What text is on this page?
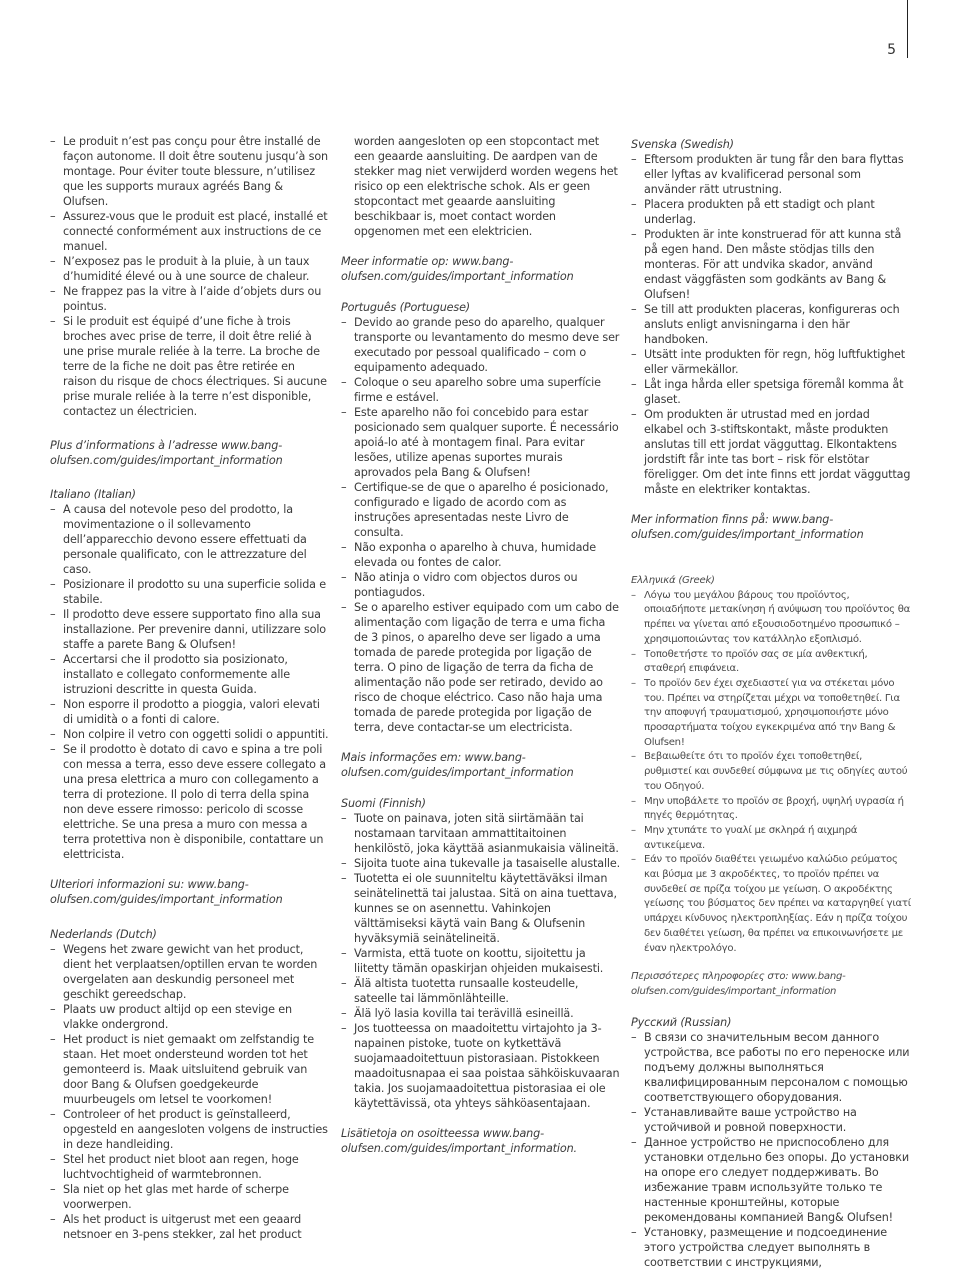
5
– Le produit n’est pas conçu pour être installé de façon autonome. Il doit être soutenu jusqu’à son montage. Pour éviter toute blessure, n’utilisez que les supports muraux agréés Bang & Olufsen.
– Assurez-vous que le produit est placé, installé et connecté conformément aux instructions de ce manuel.
– N’exposez pas le produit à la pluie, à un taux d’humidité élevé ou à une source de chaleur.
– Ne frappez pas la vitre à l’aide d’objets durs ou pointus.
– Si le produit est équipé d’une fiche à trois broches avec prise de terre, il doit être relié à une prise murale reliée à la terre. La broche de terre de la fiche ne doit pas être retirée en raison du risque de chocs électriques. Si aucune prise murale reliée à la terre n’est disponible, contactez un électricien.

Plus d’informations à l’adresse www.bang-olufsen.com/guides/important_information

Italiano (Italian)

– A causa del notevole peso del prodotto, la movimentazione o il sollevamento dell’apparecchio devono essere effettuati da personale qualificato, con le attrezzature del caso.
– Posizionare il prodotto su una superficie solida e stabile.
– Il prodotto deve essere supportato fino alla sua installazione. Per prevenire danni, utilizzare solo staffe a parete Bang & Olufsen!
– Accertarsi che il prodotto sia posizionato, installato e collegato conformemente alle istruzioni descritte in questa Guida.
– Non esporre il prodotto a pioggia, valori elevati di umidità o a fonti di calore.
– Non colpire il vetro con oggetti solidi o appuntiti.
– Se il prodotto è dotato di cavo e spina a tre poli con messa a terra, esso deve essere collegato a una presa elettrica a muro con collegamento a terra di protezione. Il polo di terra della spina non deve essere rimosso: pericolo di scosse elettriche. Se una presa a muro con messa a terra protettiva non è disponibile, contattare un elettricista.

Ulteriori informazioni su: www.bang-olufsen.com/guides/important_information

Nederlands (Dutch)

– Wegens het zware gewicht van het product, dient het verplaatsen/optillen ervan te worden overgelaten aan deskundig personeel met geschikt gereedschap.
– Plaats uw product altijd op een stevige en vlakke ondergrond.
– Het product is niet gemaakt om zelfstandig te staan. Het moet ondersteund worden tot het gemonteerd is. Maak uitsluitend gebruik van door Bang & Olufsen goedgekeurde muurbeugels om letsel te voorkomen!
– Controleer of het product is geïnstalleerd, opgesteld en aangesloten volgens de instructies in deze handleiding.
– Stel het product niet bloot aan regen, hoge luchtvochtigheid of warmtebronnen.
– Sla niet op het glas met harde of scherpe voorwerpen.
– Als het product is uitgerust met een geaard netsnoer en 3-pens stekker, zal het product
worden aangesloten op een stopcontact met een geaarde aansluiting. De aardpen van de stekker mag niet verwijderd worden wegens het risico op een elektrische schok. Als er geen stopcontact met geaarde aansluiting beschikbaar is, moet contact worden opgenomen met een elektricien.

Meer informatie op: www.bang-olufsen.com/guides/important_information

Português (Portuguese)

– Devido ao grande peso do aparelho, qualquer transporte ou levantamento do mesmo deve ser executado por pessoal qualificado – com o equipamento adequado.
– Coloque o seu aparelho sobre uma superfície firme e estável.
– Este aparelho não foi concebido para estar posicionado sem qualquer suporte. É necessário apoiá-lo até à montagem final. Para evitar lesões, utilize apenas suportes murais aprovados pela Bang & Olufsen!
– Certifique-se de que o aparelho é posicionado, configurado e ligado de acordo com as instruções apresentadas neste Livro de consulta.
– Não exponha o aparelho à chuva, humidade elevada ou fontes de calor.
– Não atinja o vidro com objectos duros ou pontiagudos.
– Se o aparelho estiver equipado com um cabo de alimentação com ligação de terra e uma ficha de 3 pinos, o aparelho deve ser ligado a uma tomada de parede protegida por ligação de terra. O pino de ligação de terra da ficha de alimentação não pode ser retirado, devido ao risco de choque eléctrico. Caso não haja uma tomada de parede protegida por ligação de terra, deve contactar-se um electricista.

Mais informações em: www.bang-olufsen.com/guides/important_information

Suomi (Finnish)

– Tuote on painava, joten sitä siirtämään tai nostamaan tarvitaan ammattitaitoinen henkilöstö, joka käyttää asianmukaisia välineitä.
– Sijoita tuote aina tukevalle ja tasaiselle alustalle.
– Tuotetta ei ole suunniteltu käytettäväksi ilman seinätelinettä tai jalustaa. Sitä on aina tuettava, kunnes se on asennettu. Vahinkojen välttämiseksi käytä vain Bang & Olufsenin hyväksymiä seinätelineitä.
– Varmista, että tuote on koottu, sijoitettu ja liitetty tämän opaskirjan ohjeiden mukaisesti.
– Älä altista tuotetta runsaalle kosteudelle, sateelle tai lämmönlähteille.
– Älä lyö lasia kovilla tai terävillä esineillä.
– Jos tuotteessa on maadoitettu virtajohto ja 3-napainen pistoke, tuote on kytkettävä suojamaadoitettuun pistorasiaan. Pistokkeen maadoitusnapaa ei saa poistaa sähköiskuvaaran takia. Jos suojamaadoitettua pistorasiaa ei ole käytettävissä, ota yhteys sähköasentajaan.

Lisätietoja on osoitteessa www.bang-olufsen.com/guides/important_information.

Svenska (Swedish)

– Eftersom produkten är tung får den bara flyttas eller lyftas av kvalificerad personal som använder rätt utrustning.
– Placera produkten på ett stadigt och plant underlag.
– Produkten är inte konstruerad för att kunna stå på egen hand. Den måste stödjas tills den monteras. För att undvika skador, använd endast väggfästen som godkänts av Bang & Olufsen!
– Se till att produkten placeras, konfigureras och ansluts enligt anvisningarna i den här handboken.
– Utsätt inte produkten för regn, hög luftfuktighet eller värmekällor.
– Låt inga hårda eller spetsiga föremål komma åt glaset.
– Om produkten är utrustad med en jordad elkabel och 3-stiftskontakt, måste produkten anslutas till ett jordat vägguttag. Elkontaktens jordstift får inte tas bort – risk för elstötar föreligger. Om det inte finns ett jordat vägguttag måste en elektriker kontaktas.

Mer information finns på: www.bang-olufsen.com/guides/important_information

Ελληνικά (Greek)

– Λόγω του μεγάλου βάρους του προϊόντος, οποιαδήποτε μετακίνηση ή ανύψωση του προϊόντος θα πρέπει να γίνεται από εξουσιοδοτημένο προσωπικό – χρησιμοποιώντας τον κατάλληλο εξοπλισμό.
– Τοποθετήστε το προϊόν σας σε μία ανθεκτική, σταθερή επιφάνεια.
– Το προϊόν δεν έχει σχεδιαστεί για να στέκεται μόνο του. Πρέπει να στηρίζεται μέχρι να τοποθετηθεί. Για την αποφυγή τραυματισμού, χρησιμοποιήστε μόνο προσαρτήματα τοίχου εγκεκριμένα από την Bang & Olufsen!
– Βεβαιωθείτε ότι το προϊόν έχει τοποθετηθεί, ρυθμιστεί και συνδεθεί σύμφωνα με τις οδηγίες αυτού του Οδηγού.
– Μην υποβάλετε το προϊόν σε βροχή, υψηλή υγρασία ή πηγές θερμότητας.
– Μην χτυπάτε το γυαλί με σκληρά ή αιχμηρά αντικείμενα.
– Εάν το προϊόν διαθέτει γειωμένο καλώδιο ρεύματος και βύσμα με 3 ακροδέκτες, το προϊόν πρέπει να συνδεθεί σε πρίζα τοίχου με γείωση. Ο ακροδέκτης γείωσης του βύσματος δεν πρέπει να καταργηθεί γιατί υπάρχει κίνδυνος ηλεκτροπληξίας. Εάν η πρίζα τοίχου δεν διαθέτει γείωση, θα πρέπει να επικοινωνήσετε με έναν ηλεκτρολόγο.

Περισσότερες πληροφορίες στο: www.bang-olufsen.com/guides/important_information

Русский (Russian)

– В связи со значительным весом данного устройства, все работы по его переноске или подъему должны выполняться квалифицированным персоналом с помощью соответствующего оборудования.
– Устанавливайте ваше устройство на устойчивой и ровной поверхности.
– Данное устройство не приспособлено для установки отдельно без опоры. До установки на опоре его следует поддерживать. Во избежание травм используйте только те настенные кронштейны, которые рекомендованы компанией Bang& Olufsen!
– Установку, размещение и подсоединение этого устройства следует выполнять в соответствии с инструкциями,
